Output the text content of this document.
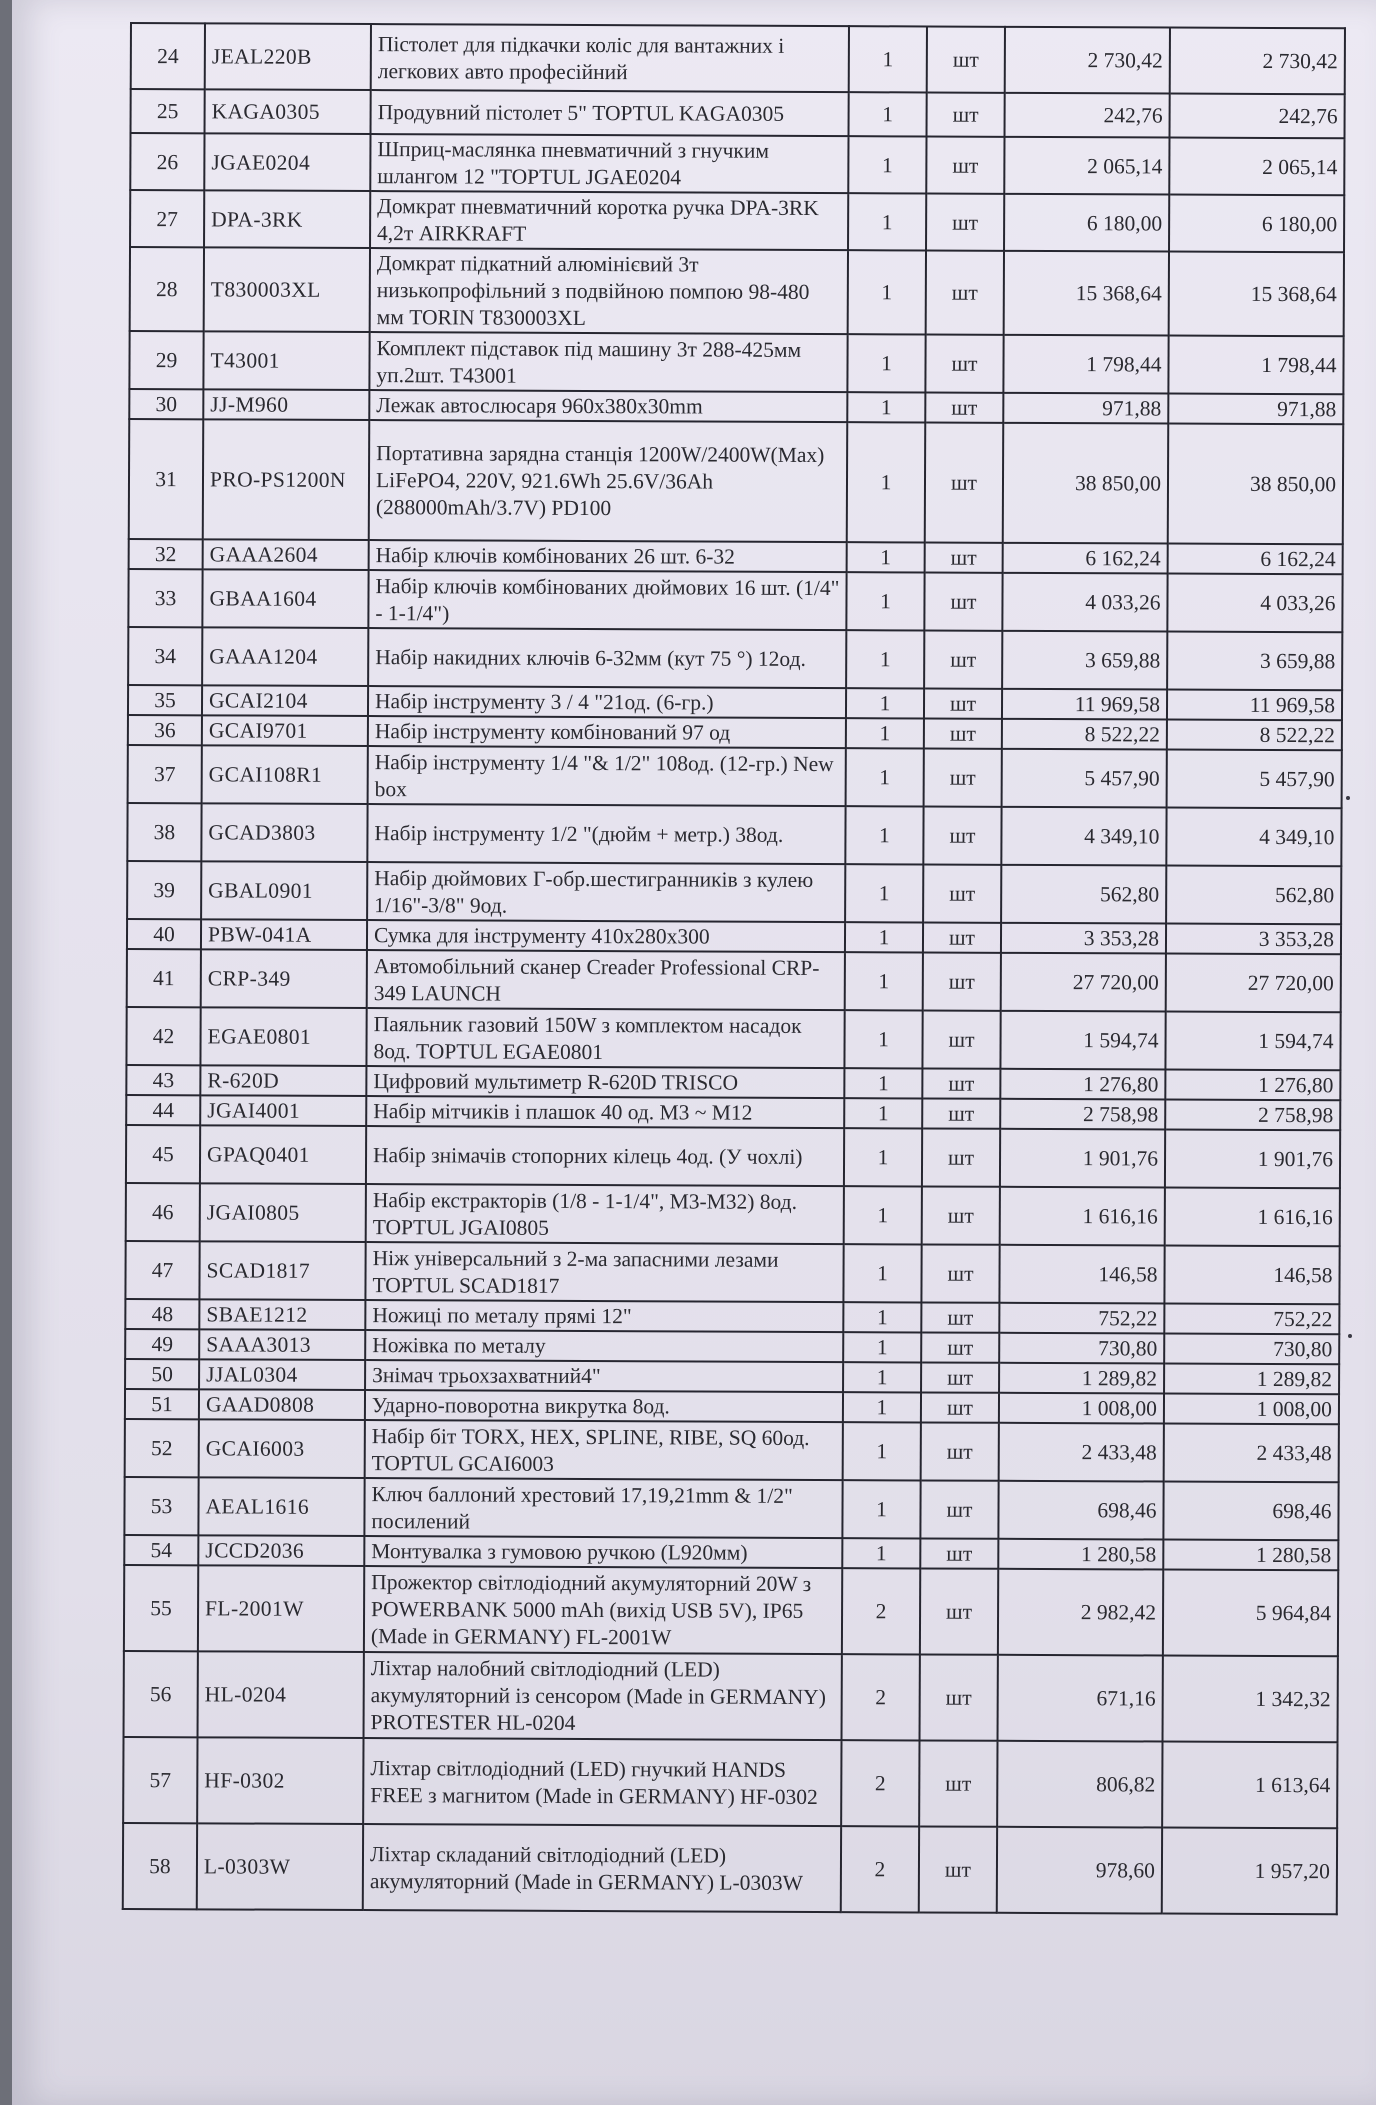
24	JEAL220B	Пістолет для підкачки коліс для вантажних і легкових авто професійний	1	шт	2 730,42	2 730,42
25	KAGA0305	Продувний пістолет 5" TOPTUL KAGA0305	1	шт	242,76	242,76
26	JGAE0204	Шприц-маслянка пневматичний з гнучким шлангом 12 "TOPTUL JGAE0204	1	шт	2 065,14	2 065,14
27	DPA-3RK	Домкрат пневматичний коротка ручка DPA-3RK 4,2т AIRKRAFT	1	шт	6 180,00	6 180,00
28	T830003XL	Домкрат підкатний алюмінієвий 3т низькопрофільний з подвійною помпою 98-480 мм TORIN T830003XL	1	шт	15 368,64	15 368,64
29	T43001	Комплект підставок під машину 3т 288-425мм уп.2шт. T43001	1	шт	1 798,44	1 798,44
30	JJ-M960	Лежак автослюсаря 960х380х30mm	1	шт	971,88	971,88
31	PRO-PS1200N	Портативна зарядна станція 1200W/2400W(Max) LiFePO4, 220V, 921.6Wh 25.6V/36Ah (288000mAh/3.7V) PD100	1	шт	38 850,00	38 850,00
32	GAAA2604	Набір ключів комбінованих 26 шт. 6-32	1	шт	6 162,24	6 162,24
33	GBAA1604	Набір ключів комбінованих дюймових 16 шт. (1/4" - 1-1/4")	1	шт	4 033,26	4 033,26
34	GAAA1204	Набір накидних ключів 6-32мм (кут 75 °) 12од.	1	шт	3 659,88	3 659,88
35	GCAI2104	Набір інструменту 3 / 4 "21од. (6-гр.)	1	шт	11 969,58	11 969,58
36	GCAI9701	Набір інструменту комбінований 97 од	1	шт	8 522,22	8 522,22
37	GCAI108R1	Набір інструменту 1/4 "& 1/2" 108од. (12-гр.) New box	1	шт	5 457,90	5 457,90
38	GCAD3803	Набір інструменту 1/2 "(дюйм + метр.) 38од.	1	шт	4 349,10	4 349,10
39	GBAL0901	Набір дюймових Г-обр.шестигранників з кулею 1/16"-3/8" 9од.	1	шт	562,80	562,80
40	PBW-041A	Сумка для інструменту 410х280х300	1	шт	3 353,28	3 353,28
41	CRP-349	Автомобільний сканер Creader Professional CRP-349 LAUNCH	1	шт	27 720,00	27 720,00
42	EGAE0801	Паяльник газовий 150W з комплектом насадок 8од. TOPTUL EGAE0801	1	шт	1 594,74	1 594,74
43	R-620D	Цифровий мультиметр R-620D TRISCO	1	шт	1 276,80	1 276,80
44	JGAI4001	Набір мітчиків і плашок 40 од. M3 ~ M12	1	шт	2 758,98	2 758,98
45	GPAQ0401	Набір знімачів стопорних кілець 4од. (У чохлі)	1	шт	1 901,76	1 901,76
46	JGAI0805	Набір екстракторів (1/8 - 1-1/4", M3-M32) 8од. TOPTUL JGAI0805	1	шт	1 616,16	1 616,16
47	SCAD1817	Ніж універсальний з 2-ма запасними лезами TOPTUL SCAD1817	1	шт	146,58	146,58
48	SBAE1212	Ножиці по металу прямі 12"	1	шт	752,22	752,22
49	SAAA3013	Ножівка по металу	1	шт	730,80	730,80
50	JJAL0304	Знімач трьохзахватний4"	1	шт	1 289,82	1 289,82
51	GAAD0808	Ударно-поворотна викрутка 8од.	1	шт	1 008,00	1 008,00
52	GCAI6003	Набір біт TORX, HEX, SPLINE, RIBE, SQ 60од. TOPTUL GCAI6003	1	шт	2 433,48	2 433,48
53	AEAL1616	Ключ баллоний хрестовий 17,19,21mm & 1/2" посилений	1	шт	698,46	698,46
54	JCCD2036	Монтувалка з гумовою ручкою (L920мм)	1	шт	1 280,58	1 280,58
55	FL-2001W	Прожектор світлодіодний акумуляторний 20W з POWERBANK 5000 mAh (вихід USB 5V), IP65 (Made in GERMANY) FL-2001W	2	шт	2 982,42	5 964,84
56	HL-0204	Ліхтар налобний світлодіодний (LED) акумуляторний із сенсором (Made in GERMANY) PROTESTER HL-0204	2	шт	671,16	1 342,32
57	HF-0302	Ліхтар світлодіодний (LED) гнучкий HANDS FREE з магнитом (Made in GERMANY) HF-0302	2	шт	806,82	1 613,64
58	L-0303W	Ліхтар складаний світлодіодний (LED) акумуляторний (Made in GERMANY) L-0303W	2	шт	978,60	1 957,20
